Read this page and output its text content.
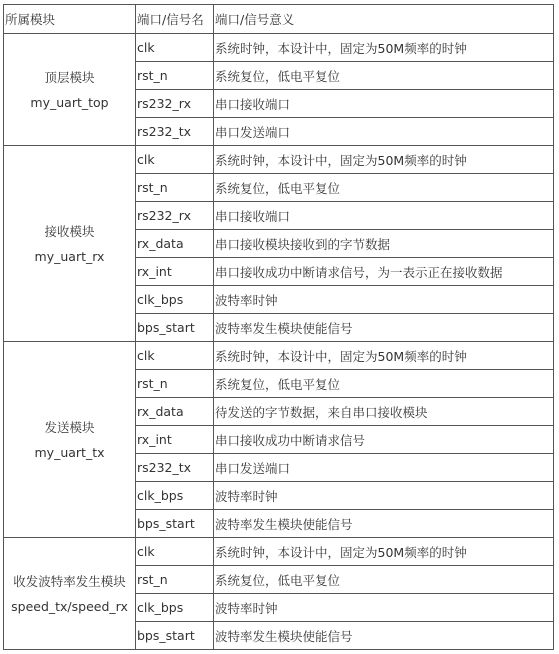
所属模块	端口/信号名	端口/信号意义

顶层模块
my_uart_top	clk	系统时钟，本设计中，固定为50M频率的时钟
	rst_n	系统复位，低电平复位
	rs232_rx	串口接收端口
	rs232_tx	串口发送端口

接收模块
my_uart_rx	clk	系统时钟，本设计中，固定为50M频率的时钟
	rst_n	系统复位，低电平复位
	rs232_rx	串口接收端口
	rx_data	串口接收模块接收到的字节数据
	rx_int	串口接收成功中断请求信号，为一表示正在接收数据
	clk_bps	波特率时钟
	bps_start	波特率发生模块使能信号

发送模块
my_uart_tx	clk	系统时钟，本设计中，固定为50M频率的时钟
	rst_n	系统复位，低电平复位
	rx_data	待发送的字节数据，来自串口接收模块
	rx_int	串口接收成功中断请求信号
	rs232_tx	串口发送端口
	clk_bps	波特率时钟
	bps_start	波特率发生模块使能信号

收发波特率发生模块
speed_tx/speed_rx	clk	系统时钟，本设计中，固定为50M频率的时钟
	rst_n	系统复位，低电平复位
	clk_bps	波特率时钟
	bps_start	波特率发生模块使能信号
